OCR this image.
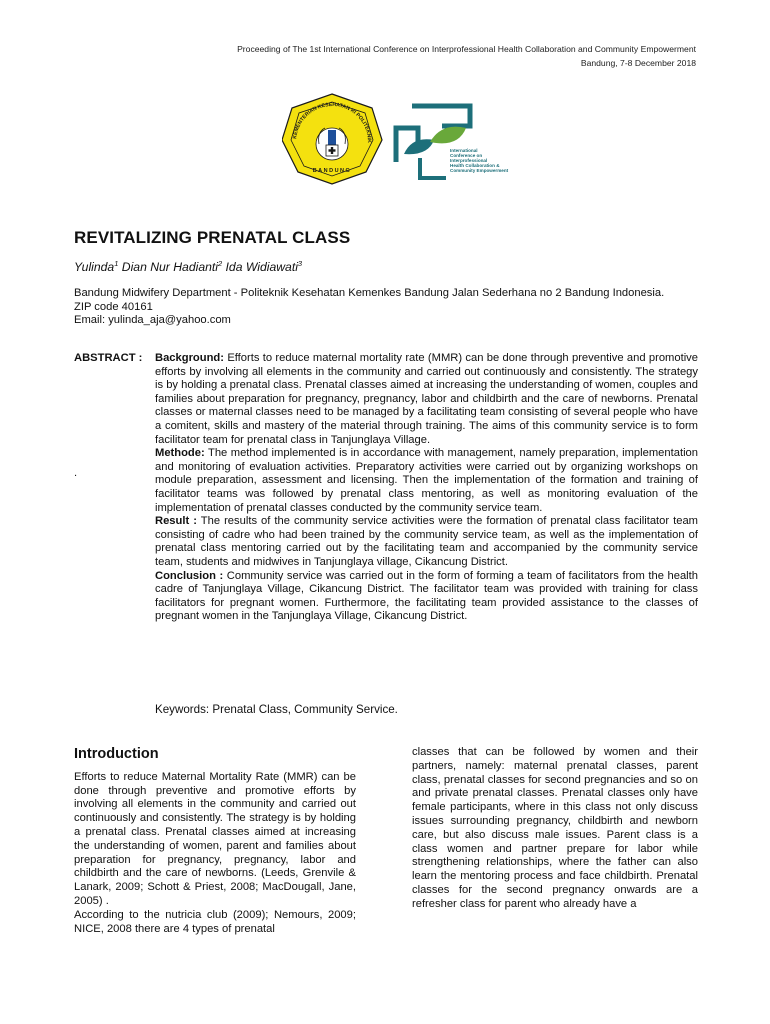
Proceeding of The 1st International Conference on Interprofessional Health Collaboration and Community Empowerment
Bandung, 7-8 December 2018
KEMENTERIAN KESEHATAN RI POLITEKNIK
BANDUNG
International Conference on Interprofessional Health Collaboration & Community Empowerment
REVITALIZING PRENATAL CLASS
Yulinda$^1$ Dian Nur Hadianti$^2$ Ida Widiawati$^3$
Bandung Midwifery Department - Politeknik Kesehatan Kemenkes Bandung Jalan Sederhana no 2 Bandung Indonesia.
ZIP code 40161
Email: yulinda_aja@yahoo.com
ABSTRACT :
.

Background: Efforts to reduce maternal mortality rate (MMR) can be done through preventive and promotive efforts by involving all elements in the community and carried out continuously and consistently. The strategy is by holding a prenatal class. Prenatal classes aimed at increasing the understanding of women, couples and families about preparation for pregnancy, pregnancy, labor and childbirth and the care of newborns. Prenatal classes or maternal classes need to be managed by a facilitating team consisting of several people who have a comitent, skills and mastery of the material through training. The aims of this community service is to form facilitator team for prenatal class in Tanjunglaya Village.

Methode: The method implemented is in accordance with management, namely preparation, implementation and monitoring of evaluation activities. Preparatory activities were carried out by organizing workshops on module preparation, assessment and licensing. Then the implementation of the formation and training of facilitator teams was followed by prenatal class mentoring, as well as monitoring evaluation of the implementation of prenatal classes conducted by the community service team.

Result : The results of the community service activities were the formation of prenatal class facilitator team consisting of cadre who had been trained by the community service team, as well as the implementation of prenatal class mentoring carried out by the facilitating team and accompanied by the community service team, students and midwives in Tanjunglaya village, Cikancung District.

Conclusion : Community service was carried out in the form of forming a team of facilitators from the health cadre of Tanjunglaya Village, Cikancung District. The facilitator team was provided with training for class facilitators for pregnant women. Furthermore, the facilitating team provided assistance to the classes of pregnant women in the Tanjunglaya Village, Cikancung District.

Keywords: Prenatal Class, Community Service.
Introduction

Efforts to reduce Maternal Mortality Rate (MMR) can be done through preventive and promotive efforts by involving all elements in the community and carried out continuously and consistently. The strategy is by holding a prenatal class. Prenatal classes aimed at increasing the understanding of women, parent and families about preparation for pregnancy, pregnancy, labor and childbirth and the care of newborns. (Leeds, Grenvile & Lanark, 2009; Schott & Priest, 2008; MacDougall, Jane, 2005) .

According to the nutricia club (2009); Nemours, 2009; NICE, 2008 there are 4 types of prenatal

classes that can be followed by women and their partners, namely: maternal prenatal classes, parent class, prenatal classes for second pregnancies and so on and private prenatal classes. Prenatal classes only have female participants, where in this class not only discuss issues surrounding pregnancy, childbirth and newborn care, but also discuss male issues. Parent class is a class women and partner prepare for labor while strengthening relationships, where the father can also learn the mentoring process and face childbirth. Prenatal classes for the second pregnancy onwards are a refresher class for parent who already have a
